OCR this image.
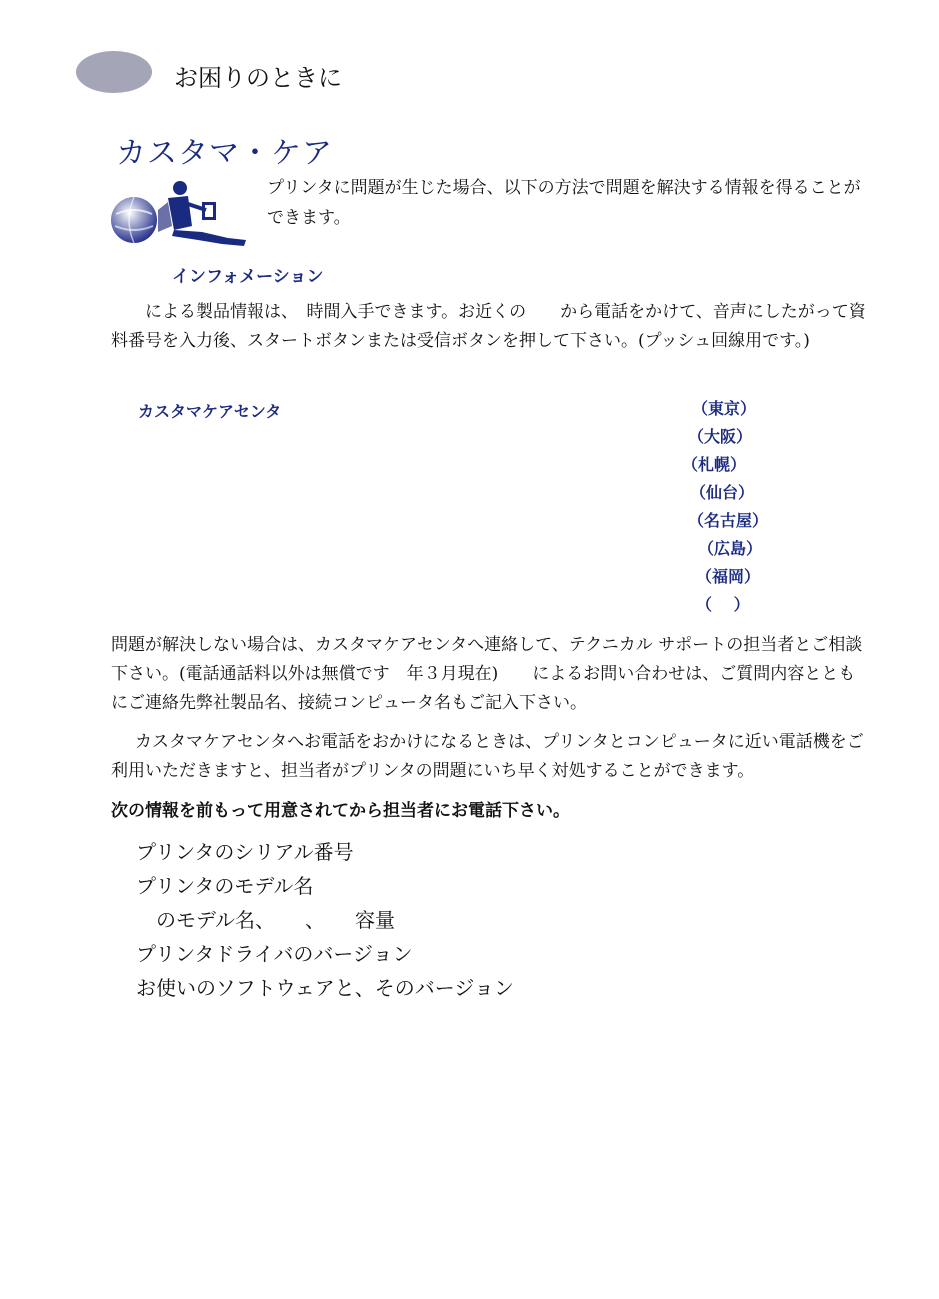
お困りのときに
カスタマ・ケア
プリンタに問題が生じた場合、以下の方法で問題を解決する情報を得ることができます。
インフォメーション
による製品情報は、　時間入手できます。お近くの　　から電話をかけて、音声にしたがって資料番号を入力後、スタートボタンまたは受信ボタンを押して下さい。(プッシュ回線用です。)
カスタマケアセンタ	（東京）
（大阪）
（札幌）
（仙台）
（名古屋）
（広島）
（福岡）
（　 ）
問題が解決しない場合は、カスタマケアセンタへ連絡して、テクニカル サポートの担当者とご相談下さい。(電話通話料以外は無償です　年３月現在)　　によるお問い合わせは、ご質問内容とともにご連絡先弊社製品名、接続コンピュータ名もご記入下さい。
カスタマケアセンタへお電話をおかけになるときは、プリンタとコンピュータに近い電話機をご利用いただきますと、担当者がプリンタの問題にいち早く対処することができます。
次の情報を前もって用意されてから担当者にお電話下さい。
プリンタのシリアル番号
プリンタのモデル名
　のモデル名、　　、　　容量
プリンタドライバのバージョン
お使いのソフトウェアと、そのバージョン
